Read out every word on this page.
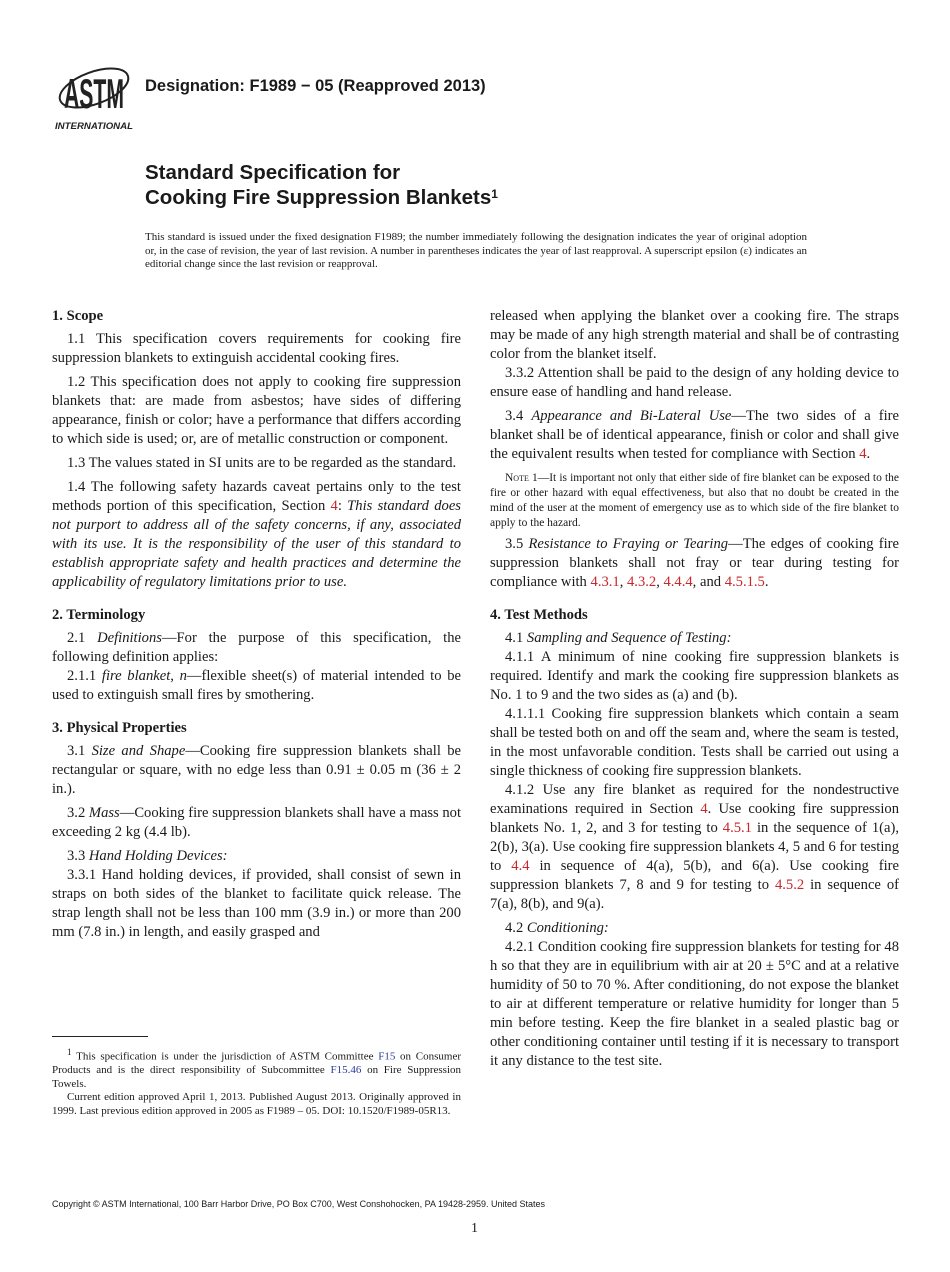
ASTM
INTERNATIONAL
Designation: F1989 − 05 (Reapproved 2013)
Standard Specification for
Cooking Fire Suppression Blankets$^1$
This standard is issued under the fixed designation F1989; the number immediately following the designation indicates the year of original adoption or, in the case of revision, the year of last revision. A number in parentheses indicates the year of last reapproval. A superscript epsilon (ε) indicates an editorial change since the last revision or reapproval.
1. Scope

1.1 This specification covers requirements for cooking fire suppression blankets to extinguish accidental cooking fires.

1.2 This specification does not apply to cooking fire suppression blankets that: are made from asbestos; have sides of differing appearance, finish or color; have a performance that differs according to which side is used; or, are of metallic construction or component.

1.3 The values stated in SI units are to be regarded as the standard.

1.4 The following safety hazards caveat pertains only to the test methods portion of this specification, Section 4: This standard does not purport to address all of the safety concerns, if any, associated with its use. It is the responsibility of the user of this standard to establish appropriate safety and health practices and determine the applicability of regulatory limitations prior to use.

2. Terminology

2.1 Definitions—For the purpose of this specification, the following definition applies:

2.1.1 fire blanket, n—flexible sheet(s) of material intended to be used to extinguish small fires by smothering.

3. Physical Properties

3.1 Size and Shape—Cooking fire suppression blankets shall be rectangular or square, with no edge less than 0.91 ± 0.05 m (36 ± 2 in.).

3.2 Mass—Cooking fire suppression blankets shall have a mass not exceeding 2 kg (4.4 lb).

3.3 Hand Holding Devices:

3.3.1 Hand holding devices, if provided, shall consist of sewn in straps on both sides of the blanket to facilitate quick release. The strap length shall not be less than 100 mm (3.9 in.) or more than 200 mm (7.8 in.) in length, and easily grasped and

released when applying the blanket over a cooking fire. The straps may be made of any high strength material and shall be of contrasting color from the blanket itself.

3.3.2 Attention shall be paid to the design of any holding device to ensure ease of handling and hand release.

3.4 Appearance and Bi-Lateral Use—The two sides of a fire blanket shall be of identical appearance, finish or color and shall give the equivalent results when tested for compliance with Section 4.

Note 1—It is important not only that either side of fire blanket can be exposed to the fire or other hazard with equal effectiveness, but also that no doubt be created in the mind of the user at the moment of emergency use as to which side of the fire blanket to apply to the hazard.

3.5 Resistance to Fraying or Tearing—The edges of cooking fire suppression blankets shall not fray or tear during testing for compliance with 4.3.1, 4.3.2, 4.4.4, and 4.5.1.5.

4. Test Methods

4.1 Sampling and Sequence of Testing:

4.1.1 A minimum of nine cooking fire suppression blankets is required. Identify and mark the cooking fire suppression blankets as No. 1 to 9 and the two sides as (a) and (b).

4.1.1.1 Cooking fire suppression blankets which contain a seam shall be tested both on and off the seam and, where the seam is tested, in the most unfavorable condition. Tests shall be carried out using a single thickness of cooking fire suppression blankets.

4.1.2 Use any fire blanket as required for the nondestructive examinations required in Section 4. Use cooking fire suppression blankets No. 1, 2, and 3 for testing to 4.5.1 in the sequence of 1(a), 2(b), 3(a). Use cooking fire suppression blankets 4, 5 and 6 for testing to 4.4 in sequence of 4(a), 5(b), and 6(a). Use cooking fire suppression blankets 7, 8 and 9 for testing to 4.5.2 in sequence of 7(a), 8(b), and 9(a).

4.2 Conditioning:

4.2.1 Condition cooking fire suppression blankets for testing for 48 h so that they are in equilibrium with air at 20 ± 5°C and at a relative humidity of 50 to 70 %. After conditioning, do not expose the blanket to air at different temperature or relative humidity for longer than 5 min before testing. Keep the fire blanket in a sealed plastic bag or other conditioning container until testing if it is necessary to transport it any distance to the test site.

$^1$ This specification is under the jurisdiction of ASTM Committee F15 on Consumer Products and is the direct responsibility of Subcommittee F15.46 on Fire Suppression Towels.

Current edition approved April 1, 2013. Published August 2013. Originally approved in 1999. Last previous edition approved in 2005 as F1989 – 05. DOI: 10.1520/F1989-05R13.

Copyright © ASTM International, 100 Barr Harbor Drive, PO Box C700, West Conshohocken, PA 19428-2959. United States
1
